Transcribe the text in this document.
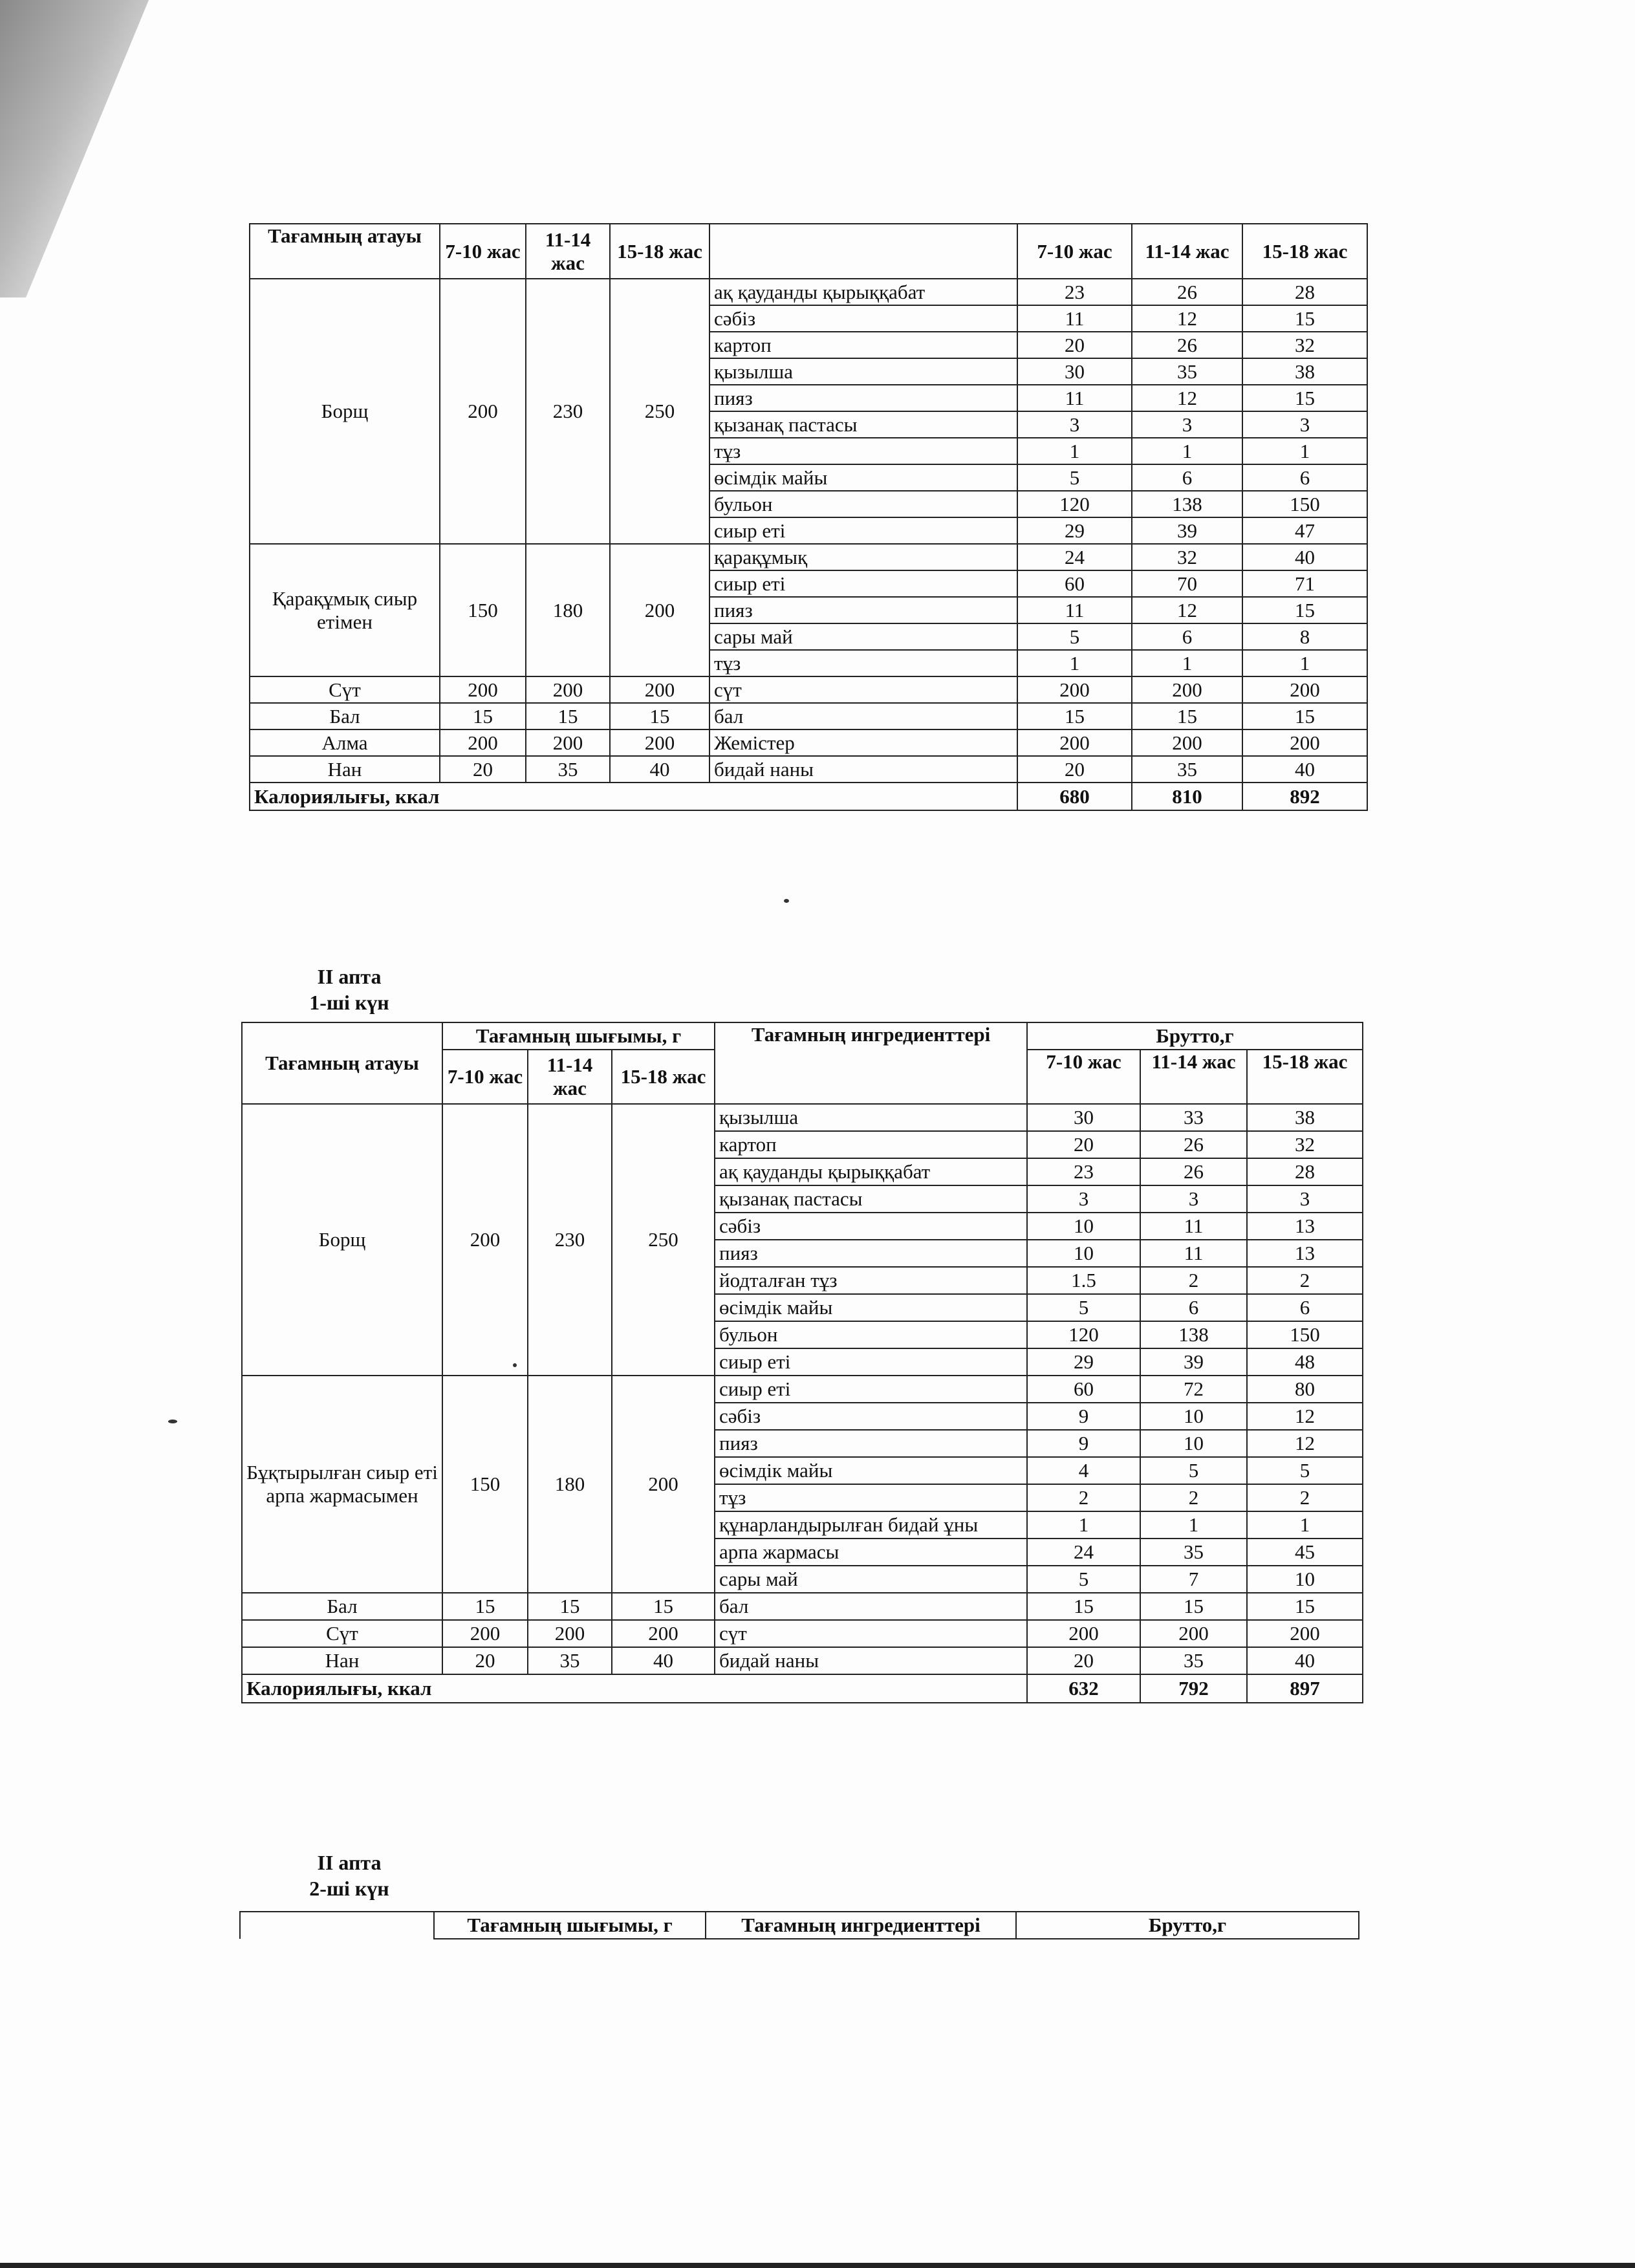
Тағамның атауы	7-10 жас	11-14 жас	15-18 жас		7-10 жас	11-14 жас	15-18 жас
Борщ	200	230	250	ақ қауданды қырыққабат	23	26	28
				сәбіз	11	12	15
				картоп	20	26	32
				қызылша	30	35	38
				пияз	11	12	15
				қызанақ пастасы	3	3	3
				тұз	1	1	1
				өсімдік майы	5	6	6
				бульон	120	138	150
				сиыр еті	29	39	47
Қарақұмық сиыр етімен	150	180	200	қарақұмық	24	32	40
				сиыр еті	60	70	71
				пияз	11	12	15
				сары май	5	6	8
				тұз	1	1	1
Сүт	200	200	200	сүт	200	200	200
Бал	15	15	15	бал	15	15	15
Алма	200	200	200	Жемістер	200	200	200
Нан	20	35	40	бидай наны	20	35	40
Калориялығы, ккал					680	810	892
II апта
1-ші күн
Тағамның атауы	Тағамның шығымы, г			Тағамның ингредиенттері	Брутто,г		
	7-10 жас	11-14 жас	15-18 жас		7-10 жас	11-14 жас	15-18 жас
Борщ	200	230	250	қызылша	30	33	38
				картоп	20	26	32
				ақ қауданды қырыққабат	23	26	28
				қызанақ пастасы	3	3	3
				сәбіз	10	11	13
				пияз	10	11	13
				йодталған тұз	1.5	2	2
				өсімдік майы	5	6	6
				бульон	120	138	150
				сиыр еті	29	39	48
Бұқтырылған сиыр еті арпа жармасымен	150	180	200	сиыр еті	60	72	80
				сәбіз	9	10	12
				пияз	9	10	12
				өсімдік майы	4	5	5
				тұз	2	2	2
				құнарландырылған бидай ұны	1	1	1
				арпа жармасы	24	35	45
				сары май	5	7	10
Бал	15	15	15	бал	15	15	15
Сүт	200	200	200	сүт	200	200	200
Нан	20	35	40	бидай наны	20	35	40
Калориялығы, ккал					632	792	897
II апта
2-ші күн
	Тағамның шығымы, г	Тағамның ингредиенттері	Брутто,г
